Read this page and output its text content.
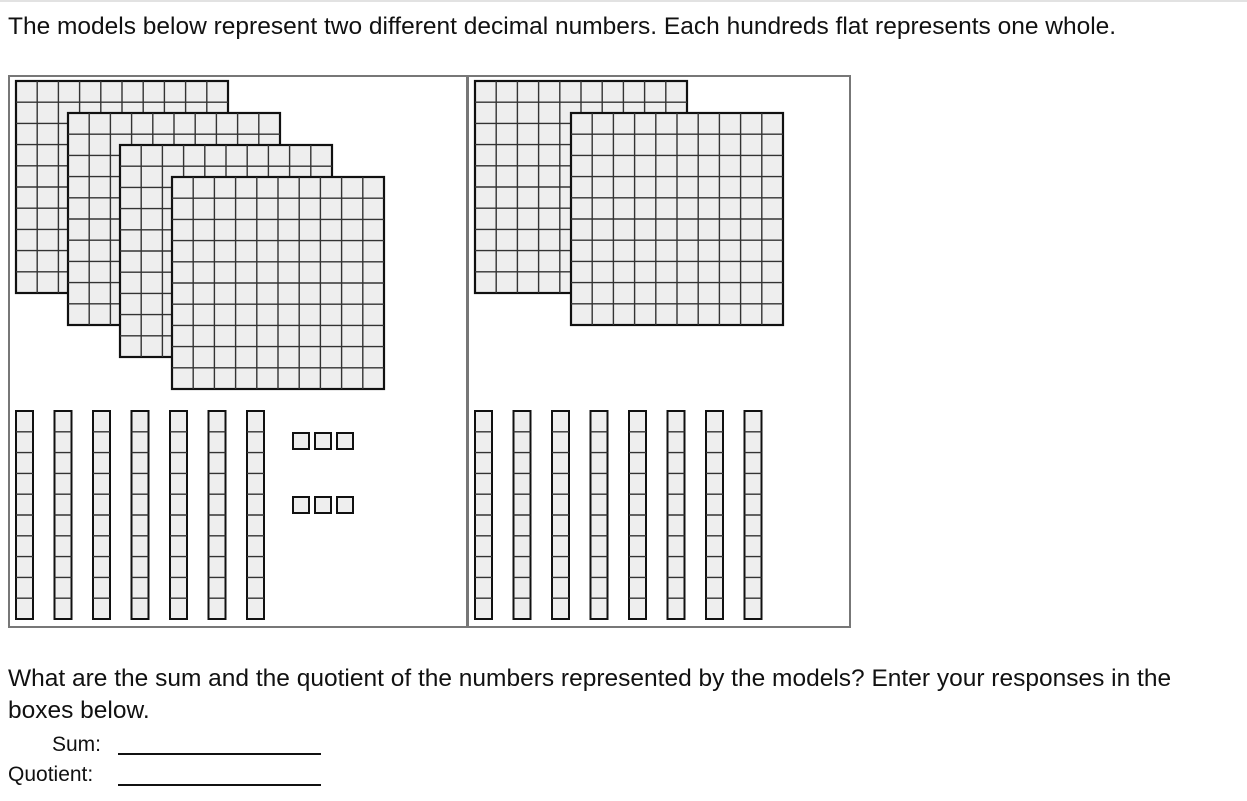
The models below represent two different decimal numbers. Each hundreds flat represents one whole.
What are the sum and the quotient of the numbers represented by the models? Enter your responses in the boxes below.
Sum:
Quotient:
